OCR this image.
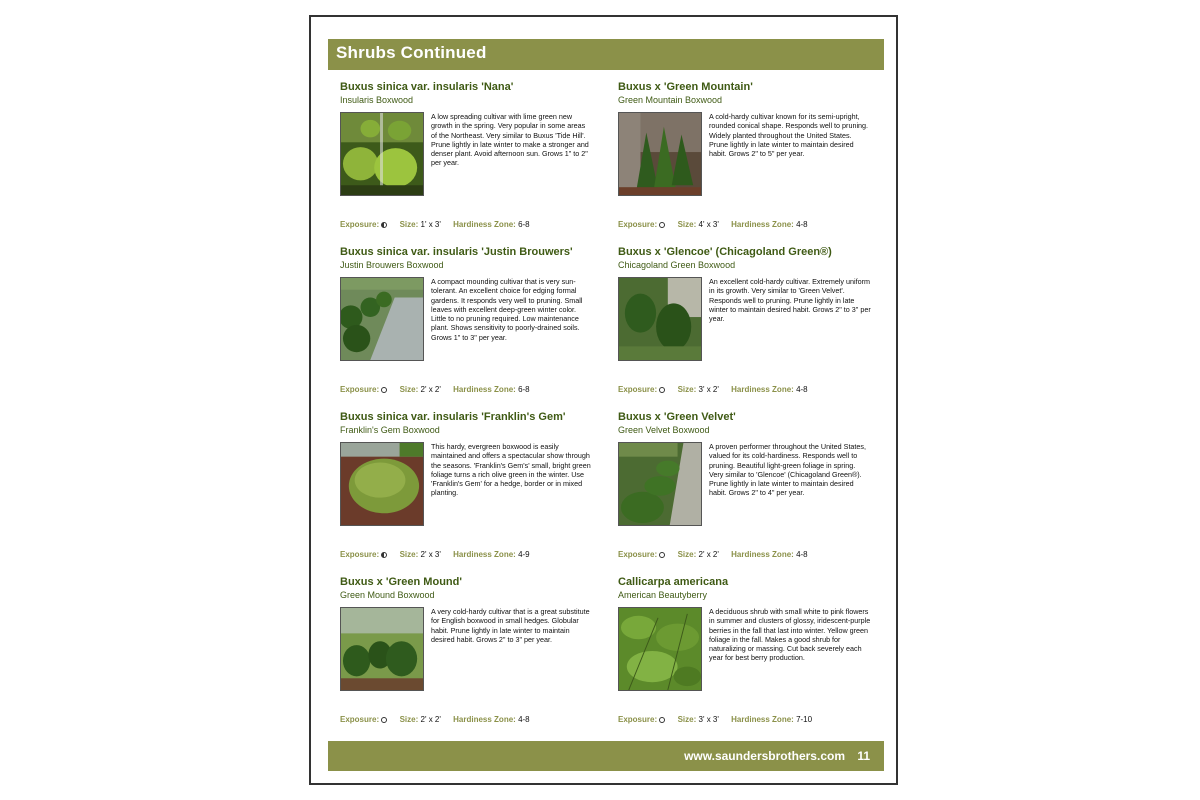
Shrubs Continued
Buxus sinica var. insularis 'Nana'
Insularis Boxwood
A low spreading cultivar with lime green new growth in the spring. Very popular in some areas of the Northeast. Very similar to Buxus 'Tide Hill'. Prune lightly in late winter to make a stronger and denser plant. Avoid afternoon sun. Grows 1" to 2" per year.
Exposure:	Size: 1' x 3' Hardiness Zone: 6-8
Buxus x 'Green Mountain'
Green Mountain Boxwood
A cold-hardy cultivar known for its semi-upright, rounded conical shape. Responds well to pruning. Widely planted throughout the United States. Prune lightly in late winter to maintain desired habit. Grows 2" to 5" per year.
Exposure:	Size: 4' x 3' Hardiness Zone: 4-8
Buxus sinica var. insularis 'Justin Brouwers'
Justin Brouwers Boxwood
A compact mounding cultivar that is very sun-tolerant. An excellent choice for edging formal gardens. It responds very well to pruning. Small leaves with excellent deep-green winter color. Little to no pruning required. Low maintenance plant. Shows sensitivity to poorly-drained soils. Grows 1" to 3" per year.
Exposure:	Size: 2' x 2' Hardiness Zone: 6-8
Buxus x 'Glencoe' (Chicagoland Green®)
Chicagoland Green Boxwood
An excellent cold-hardy cultivar. Extremely uniform in its growth. Very similar to 'Green Velvet'. Responds well to pruning. Prune lightly in late winter to maintain desired habit. Grows 2" to 3" per year.
Exposure:	Size: 3' x 2' Hardiness Zone: 4-8
Buxus sinica var. insularis 'Franklin's Gem'
Franklin's Gem Boxwood
This hardy, evergreen boxwood is easily maintained and offers a spectacular show through the seasons. 'Franklin's Gem's' small, bright green foliage turns a rich olive green in the winter. Use 'Franklin's Gem' for a hedge, border or in mixed planting.
Exposure:	Size: 2' x 3' Hardiness Zone: 4-9
Buxus x 'Green Velvet'
Green Velvet Boxwood
A proven performer throughout the United States, valued for its cold-hardiness. Responds well to pruning. Beautiful light-green foliage in spring. Very similar to 'Glencoe' (Chicagoland Green®). Prune lightly in late winter to maintain desired habit. Grows 2" to 4" per year.
Exposure:	Size: 2' x 2' Hardiness Zone: 4-8
Buxus x 'Green Mound'
Green Mound Boxwood
A very cold-hardy cultivar that is a great substitute for English boxwood in small hedges. Globular habit. Prune lightly in late winter to maintain desired habit. Grows 2" to 3" per year.
Exposure:	Size: 2' x 2' Hardiness Zone: 4-8
Callicarpa americana
American Beautyberry
A deciduous shrub with small white to pink flowers in summer and clusters of glossy, iridescent-purple berries in the fall that last into winter. Yellow green foliage in the fall. Makes a good shrub for naturalizing or massing. Cut back severely each year for best berry production.
Exposure:	Size: 3' x 3' Hardiness Zone: 7-10
www.saundersbrothers.com 11
